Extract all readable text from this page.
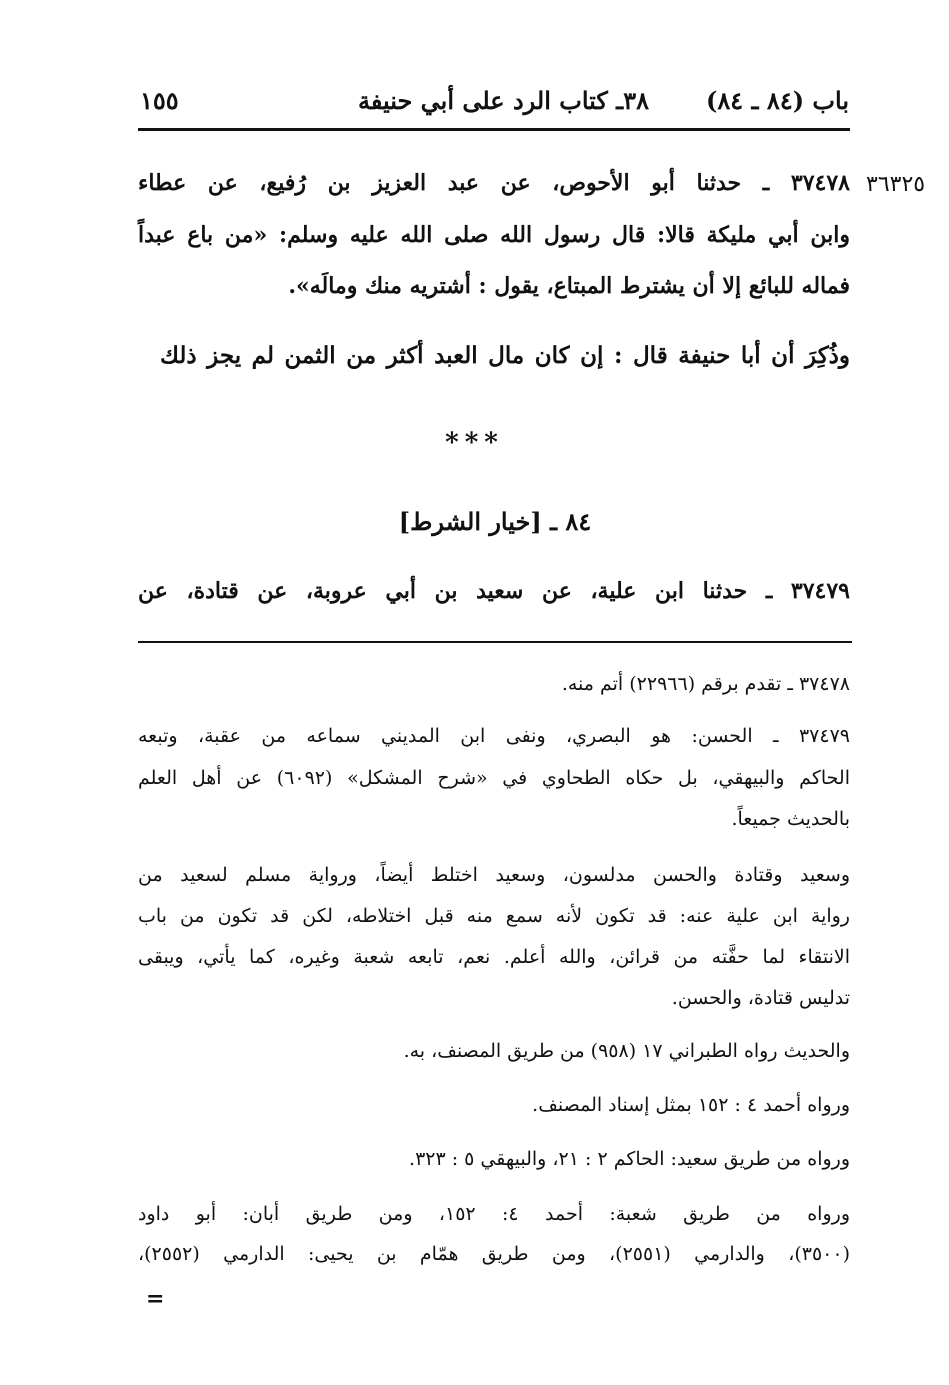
باب (٨٤ ـ ٨٤)
٣٨ـ كتاب الرد على أبي حنيفة
١٥٥
٣٦٣٢٥
٣٧٤٧٨ ـ حدثنا أبو الأحوص، عن عبد العزيز بن رُفيع، عن عطاء
وابن أبي مليكة قالا: قال رسول الله صلى الله عليه وسلم: «من باع عبداً
فماله للبائع إلا أن يشترط المبتاع، يقول : أشتريه منك ومالَه».
وذُكِرَ أن أبا حنيفة قال : إن كان مال العبد أكثر من الثمن لم يجز ذلك
***
٨٤ ـ [خيار الشرط]
٣٧٤٧٩ ـ حدثنا ابن علية، عن سعيد بن أبي عروبة، عن قتادة، عن
٣٧٤٧٨ ـ تقدم برقم (٢٢٩٦٦) أتم منه.
٣٧٤٧٩ ـ الحسن: هو البصري، ونفى ابن المديني سماعه من عقبة، وتبعه
الحاكم والبيهقي، بل حكاه الطحاوي في «شرح المشكل» (٦٠٩٢) عن أهل العلم
بالحديث جميعاً.
وسعيد وقتادة والحسن مدلسون، وسعيد اختلط أيضاً، ورواية مسلم لسعيد من
رواية ابن علية عنه: قد تكون لأنه سمع منه قبل اختلاطه، لكن قد تكون من باب
الانتقاء لما حفَّته من قرائن، والله أعلم. نعم، تابعه شعبة وغيره، كما يأتي، ويبقى
تدليس قتادة، والحسن.
والحديث رواه الطبراني ١٧ (٩٥٨) من طريق المصنف، به.
ورواه أحمد ٤ : ١٥٢ بمثل إسناد المصنف.
ورواه من طريق سعيد: الحاكم ٢ : ٢١، والبيهقي ٥ : ٣٢٣.
ورواه من طريق شعبة: أحمد ٤: ١٥٢، ومن طريق أبان: أبو داود
(٣٥٠٠)، والدارمي (٢٥٥١)، ومن طريق همّام بن يحيى: الدارمي (٢٥٥٢)،
=
